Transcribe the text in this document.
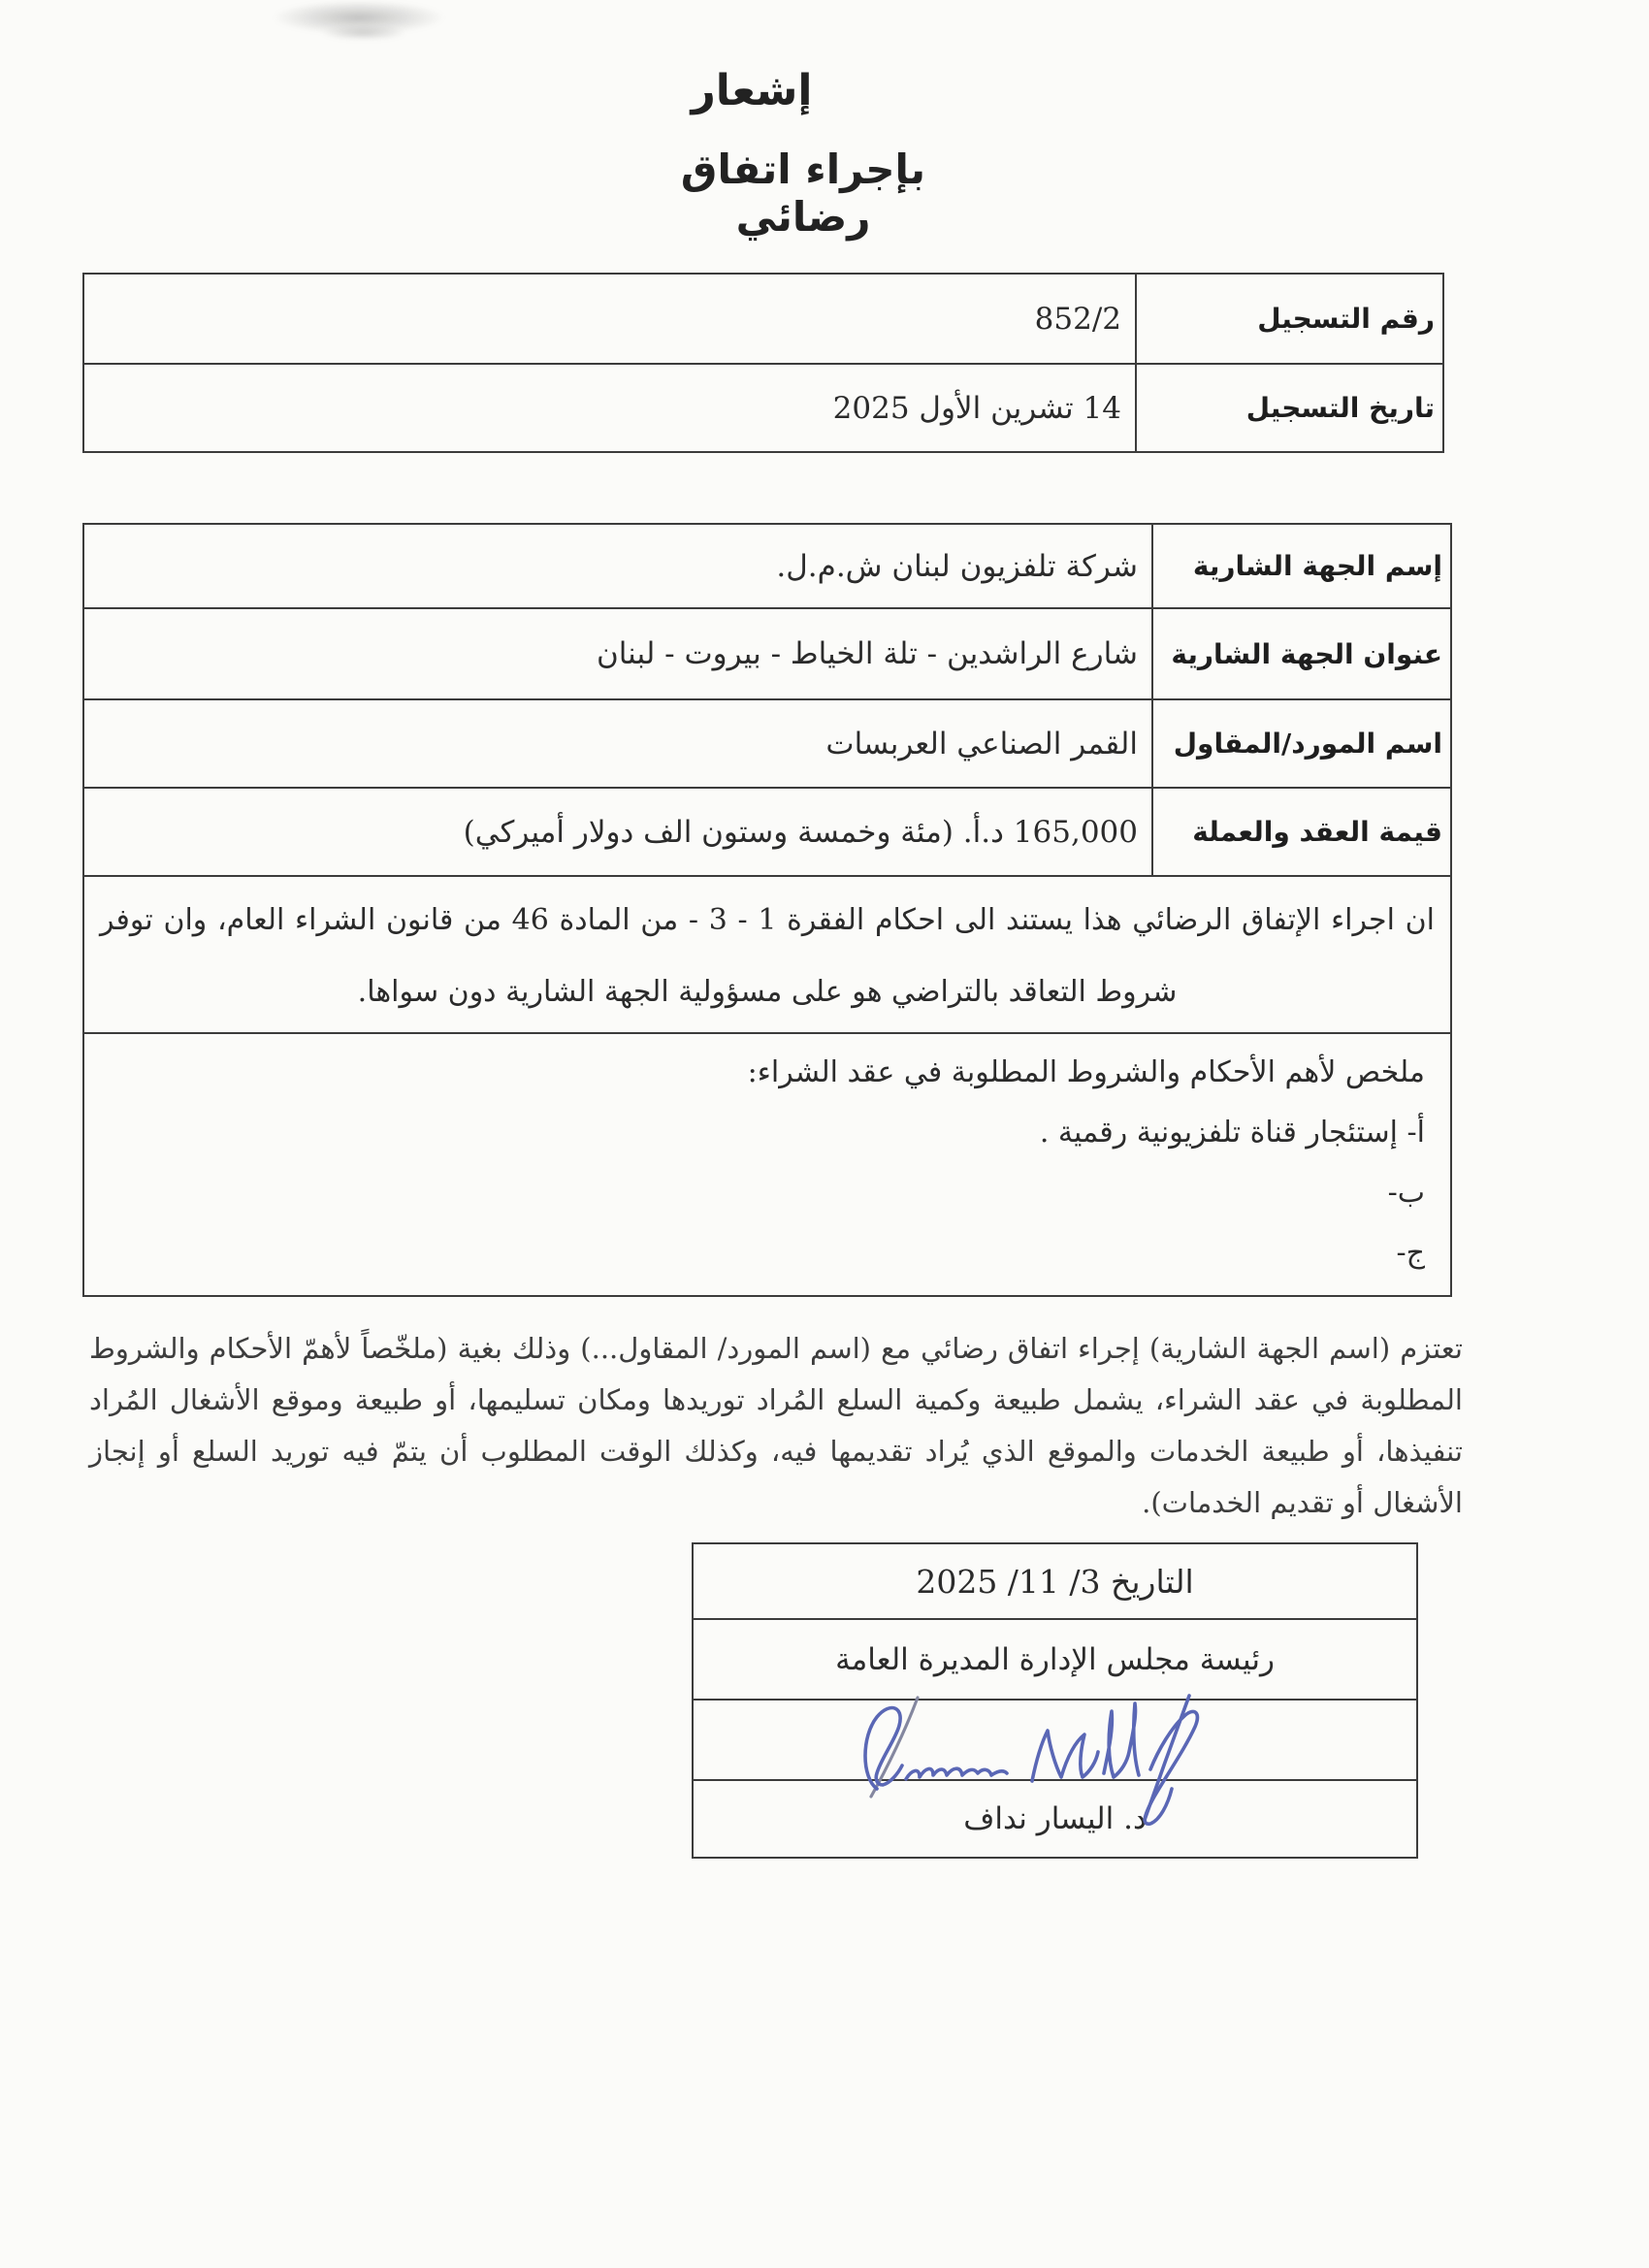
إشعار
بإجراء اتفاق رضائي
رقم التسجيل
852/2
تاريخ التسجيل
14 تشرين الأول 2025
إسم الجهة الشارية
شركة تلفزيون لبنان ش.م.ل.
عنوان الجهة الشارية
شارع الراشدين - تلة الخياط - بيروت - لبنان
اسم المورد/المقاول
القمر الصناعي العربسات
قيمة العقد والعملة
165,000 د.أ. (مئة وخمسة وستون الف دولار أميركي)

ان اجراء الإتفاق الرضائي هذا يستند الى احكام الفقرة 1 - 3 - من المادة 46 من قانون الشراء العام، وان توفر شروط التعاقد بالتراضي هو على مسؤولية الجهة الشارية دون سواها.

ملخص لأهم الأحكام والشروط المطلوبة في عقد الشراء:
أ- إستئجار قناة تلفزيونية رقمية .
ب-
ج-

تعتزم (اسم الجهة الشارية) إجراء اتفاق رضائي مع (اسم المورد/ المقاول...) وذلك بغية (ملخّصاً لأهمّ الأحكام والشروط المطلوبة في عقد الشراء، يشمل طبيعة وكمية السلع المُراد توريدها ومكان تسليمها، أو طبيعة وموقع الأشغال المُراد تنفيذها، أو طبيعة الخدمات والموقع الذي يُراد تقديمها فيه، وكذلك الوقت المطلوب أن يتمّ فيه توريد السلع أو إنجاز الأشغال أو تقديم الخدمات).

التاريخ 3/ 11/ 2025
رئيسة مجلس الإدارة المديرة العامة
د. اليسار نداف
